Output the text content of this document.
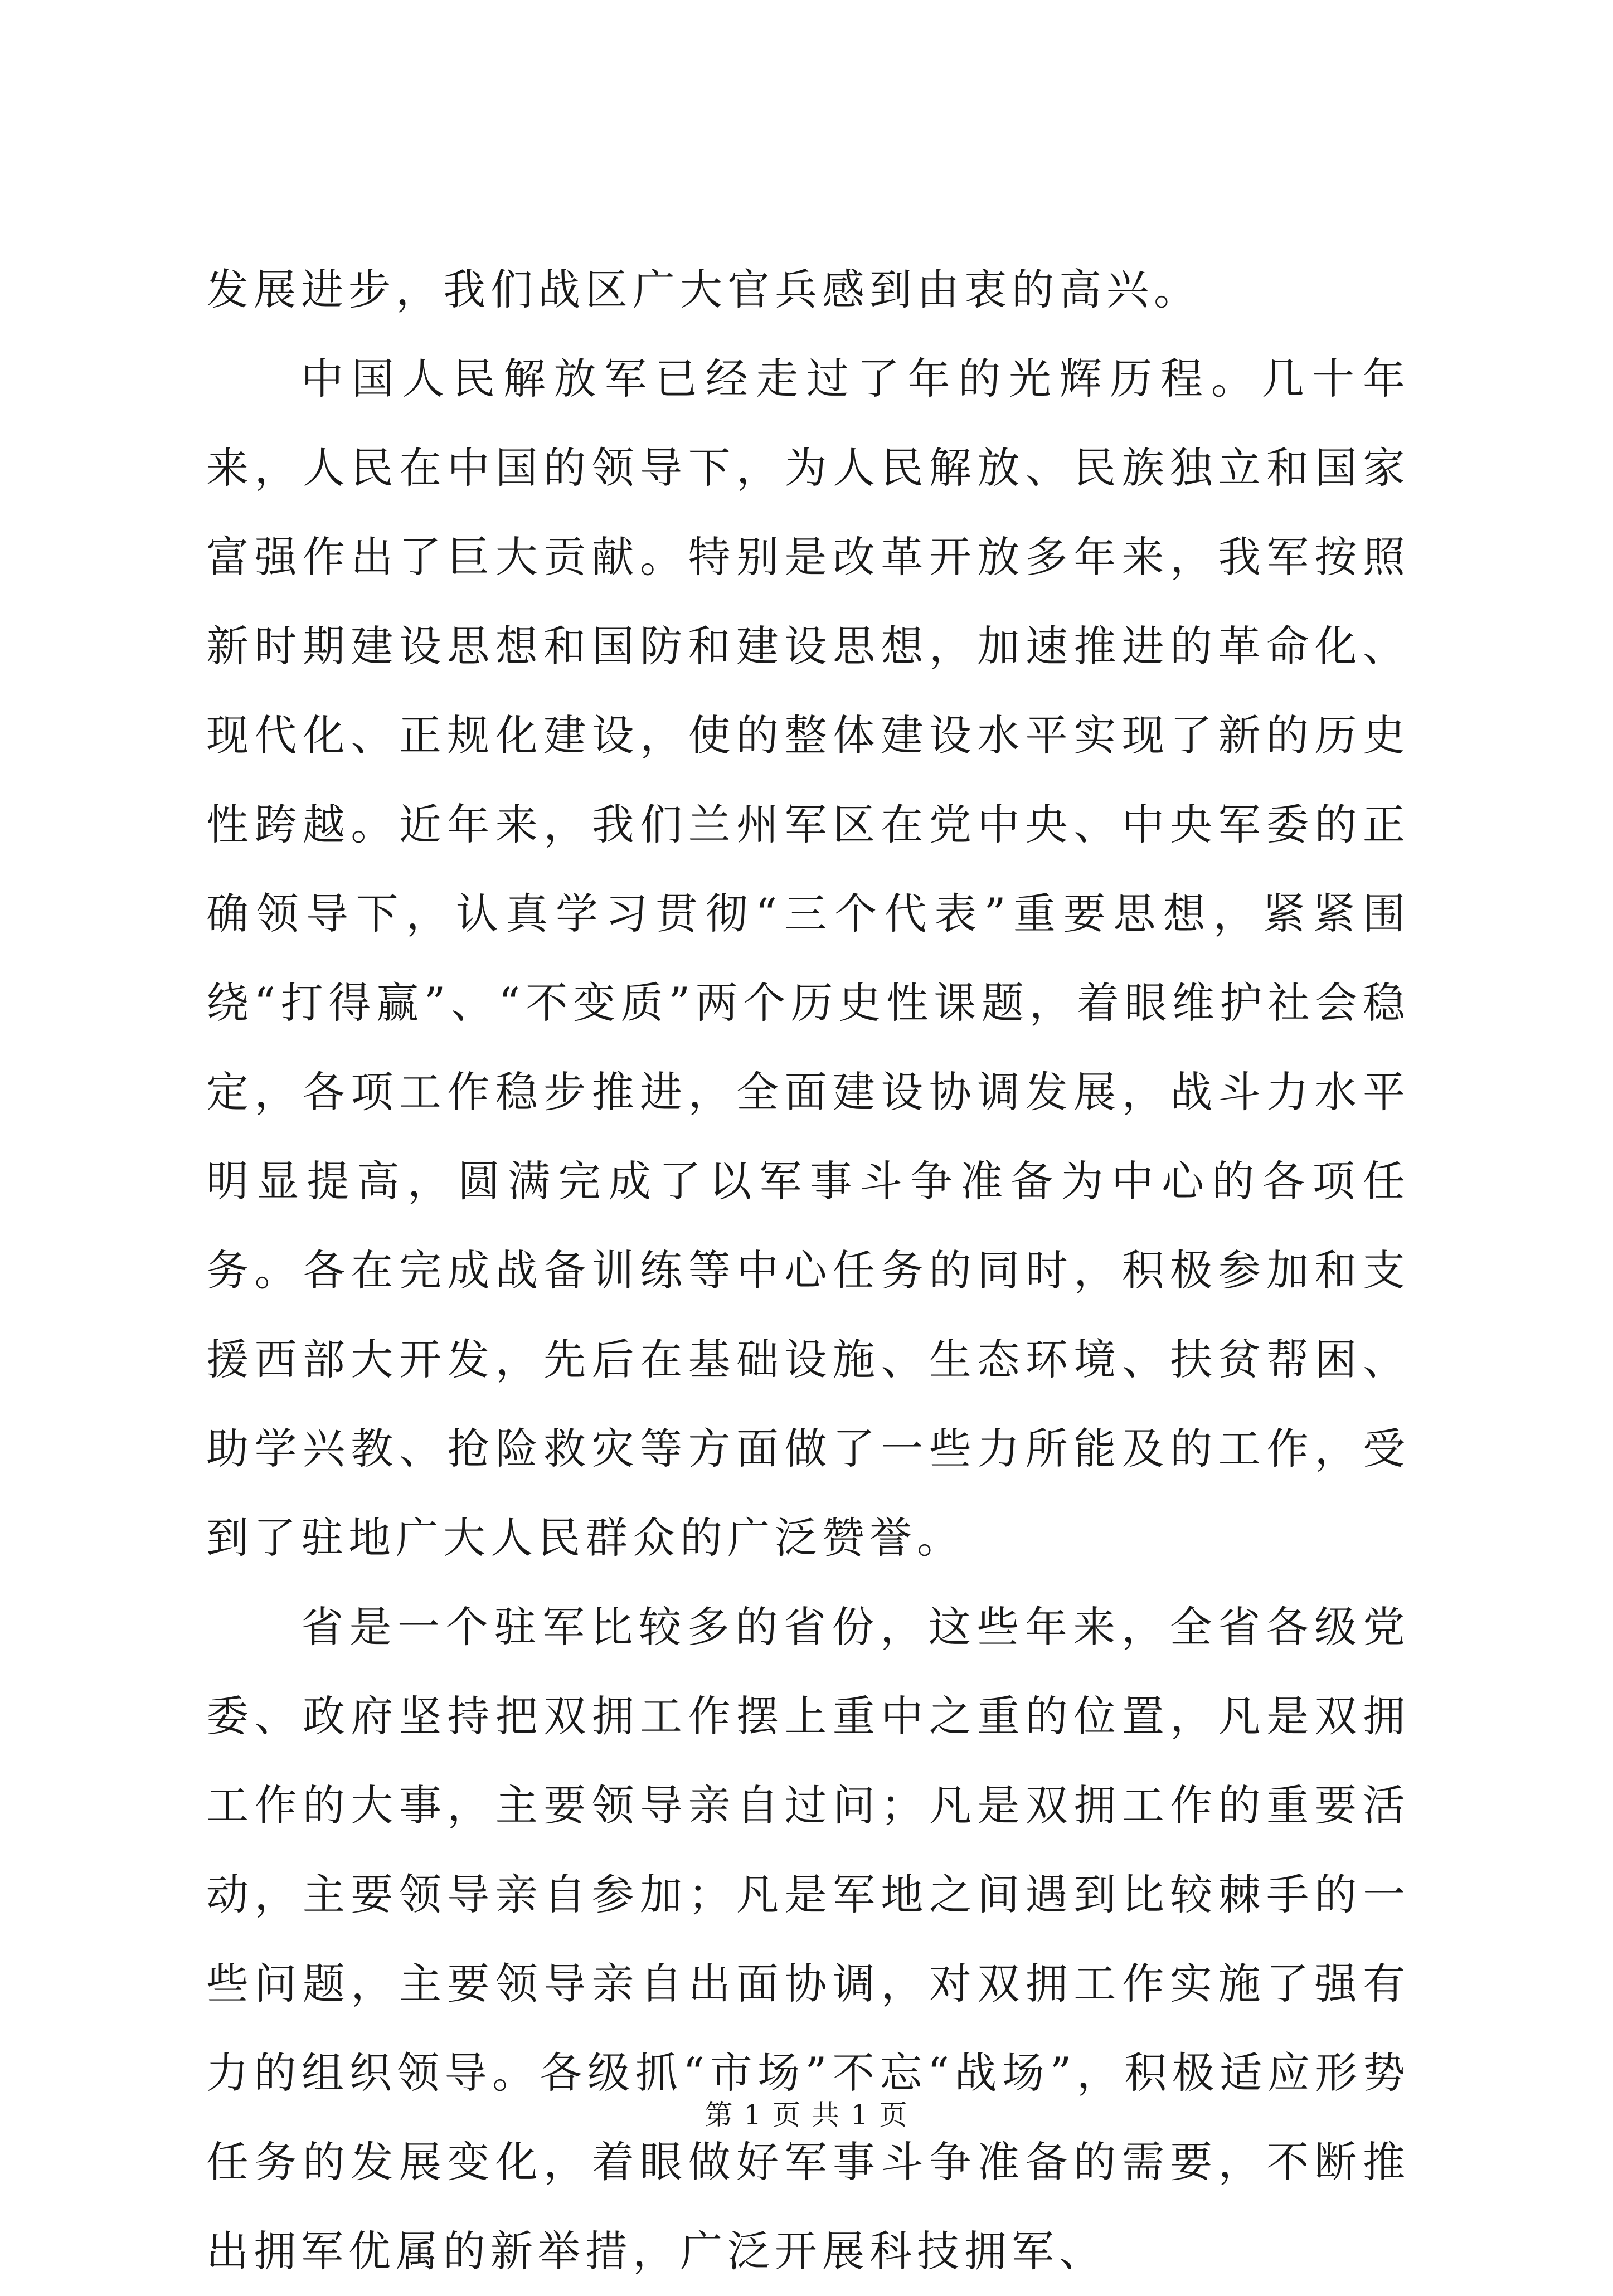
发展进步，我们战区广大官兵感到由衷的高兴。

中国人民解放军已经走过了年的光辉历程。几十年来，人民在中国的领导下，为人民解放、民族独立和国家富强作出了巨大贡献。特别是改革开放多年来，我军按照新时期建设思想和国防和建设思想，加速推进的革命化、现代化、正规化建设，使的整体建设水平实现了新的历史性跨越。近年来，我们兰州军区在党中央、中央军委的正确领导下，认真学习贯彻“三个代表”重要思想，紧紧围绕“打得赢”、“不变质”两个历史性课题，着眼维护社会稳定，各项工作稳步推进，全面建设协调发展，战斗力水平明显提高，圆满完成了以军事斗争准备为中心的各项任务。各在完成战备训练等中心任务的同时，积极参加和支援西部大开发，先后在基础设施、生态环境、扶贫帮困、助学兴教、抢险救灾等方面做了一些力所能及的工作，受到了驻地广大人民群众的广泛赞誉。

省是一个驻军比较多的省份，这些年来，全省各级党委、政府坚持把双拥工作摆上重中之重的位置，凡是双拥工作的大事，主要领导亲自过问；凡是双拥工作的重要活动，主要领导亲自参加；凡是军地之间遇到比较棘手的一些问题，主要领导亲自出面协调，对双拥工作实施了强有力的组织领导。各级抓“市场”不忘“战场”，积极适应形势任务的发展变化，着眼做好军事斗争准备的需要，不断推出拥军优属的新举措，广泛开展科技拥军、

第 1 页 共 1 页
